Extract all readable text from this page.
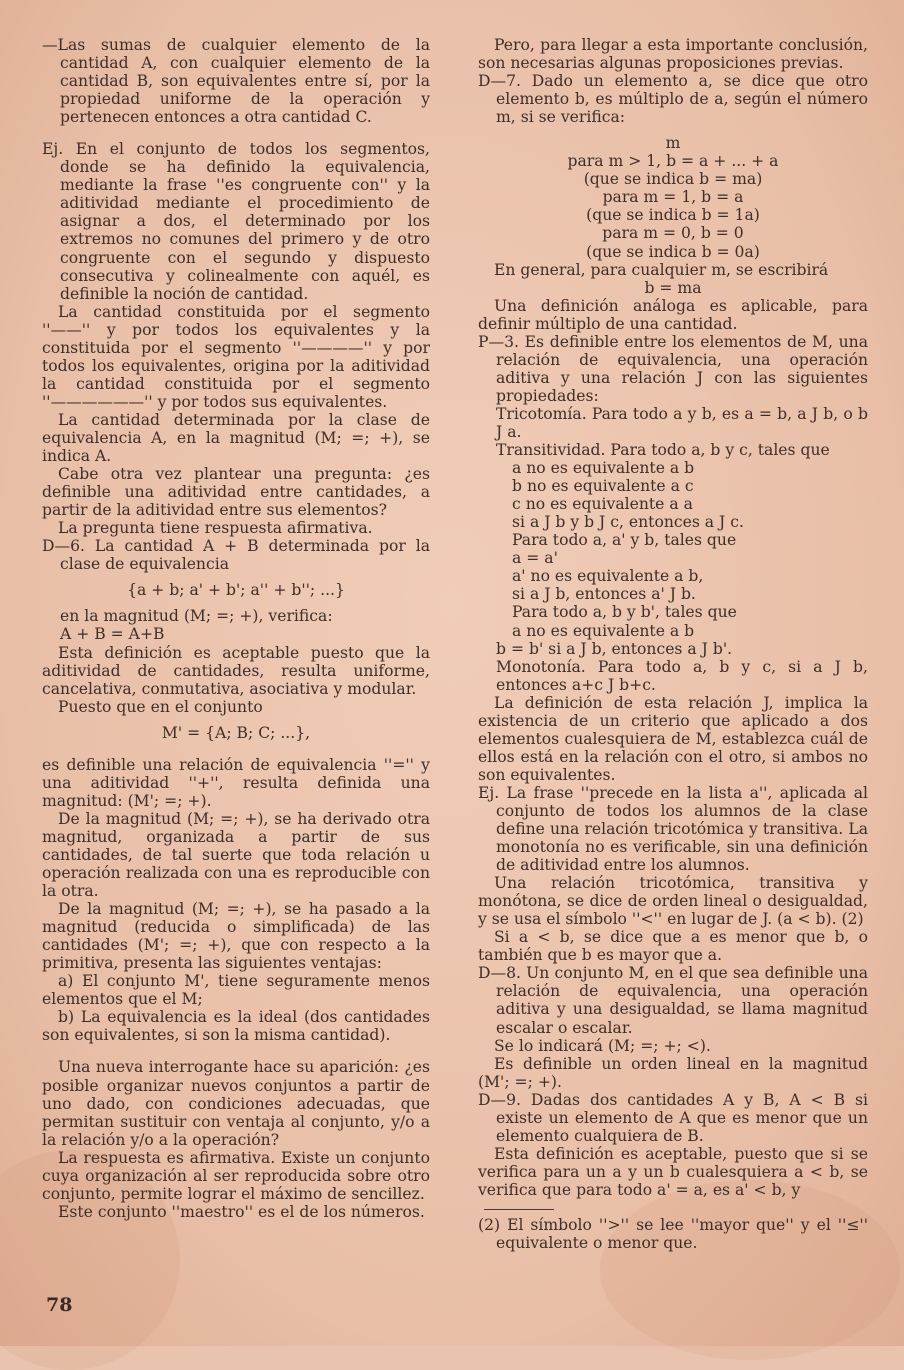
—Las sumas de cualquier elemento de la cantidad A, con cualquier elemento de la cantidad B, son equivalentes entre sí, por la propiedad uniforme de la operación y pertenecen entonces a otra cantidad C.

Ej. En el conjunto de todos los segmentos, donde se ha definido la equivalencia, mediante la frase ''es congruente con'' y la aditividad mediante el procedimiento de asignar a dos, el determinado por los extremos no comunes del primero y de otro congruente con el segundo y dispuesto consecutiva y colinealmente con aquél, es definible la noción de cantidad.

La cantidad constituida por el segmento ''——'' y por todos los equivalentes y la constituida por el segmento ''————'' y por todos los equivalentes, origina por la aditividad la cantidad constituida por el segmento ''——————'' y por todos sus equivalentes.

La cantidad determinada por la clase de equivalencia A, en la magnitud (M; =; +), se indica A.

Cabe otra vez plantear una pregunta: ¿es definible una aditividad entre cantidades, a partir de la aditividad entre sus elementos?

La pregunta tiene respuesta afirmativa.

D—6. La cantidad A + B determinada por la clase de equivalencia

{a + b; a' + b'; a'' + b''; ...}

en la magnitud (M; =; +), verifica:

A + B = A+B

Esta definición es aceptable puesto que la aditividad de cantidades, resulta uniforme, cancelativa, conmutativa, asociativa y modular.

Puesto que en el conjunto

M' = {A; B; C; ...},

es definible una relación de equivalencia ''='' y una aditividad ''+'', resulta definida una magnitud: (M'; =; +).

De la magnitud (M; =; +), se ha derivado otra magnitud, organizada a partir de sus cantidades, de tal suerte que toda relación u operación realizada con una es reproducible con la otra.

De la magnitud (M; =; +), se ha pasado a la magnitud (reducida o simplificada) de las cantidades (M'; =; +), que con respecto a la primitiva, presenta las siguientes ventajas:

a) El conjunto M', tiene seguramente menos elementos que el M;

b) La equivalencia es la ideal (dos cantidades son equivalentes, si son la misma cantidad).

Una nueva interrogante hace su aparición: ¿es posible organizar nuevos conjuntos a partir de uno dado, con condiciones adecuadas, que permitan sustituir con ventaja al conjunto, y/o a la relación y/o a la operación?

La respuesta es afirmativa. Existe un conjunto cuya organización al ser reproducida sobre otro conjunto, permite lograr el máximo de sencillez.

Este conjunto ''maestro'' es el de los números.

Pero, para llegar a esta importante conclusión, son necesarias algunas proposiciones previas.

D—7. Dado un elemento a, se dice que otro elemento b, es múltiplo de a, según el número m, si se verifica:

m

para m > 1, b = a + ... + a

(que se indica b = ma)

para m = 1, b = a

(que se indica b = 1a)

para m = 0, b = 0

(que se indica b = 0a)

En general, para cualquier m, se escribirá

b = ma

Una definición análoga es aplicable, para definir múltiplo de una cantidad.

P—3. Es definible entre los elementos de M, una relación de equivalencia, una operación aditiva y una relación J con las siguientes propiedades:

Tricotomía. Para todo a y b, es a = b, a J b, o b J a.

Transitividad. Para todo a, b y c, tales que

a no es equivalente a b

b no es equivalente a c

c no es equivalente a a

si a J b y b J c, entonces a J c.

Para todo a, a' y b, tales que

a = a'

a' no es equivalente a b,

si a J b, entonces a' J b.

Para todo a, b y b', tales que

a no es equivalente a b

b = b' si a J b, entonces a J b'.

Monotonía. Para todo a, b y c, si a J b, entonces a+c J b+c.

La definición de esta relación J, implica la existencia de un criterio que aplicado a dos elementos cualesquiera de M, establezca cuál de ellos está en la relación con el otro, si ambos no son equivalentes.

Ej. La frase ''precede en la lista a'', aplicada al conjunto de todos los alumnos de la clase define una relación tricotómica y transitiva. La monotonía no es verificable, sin una definición de aditividad entre los alumnos.

Una relación tricotómica, transitiva y monótona, se dice de orden lineal o desigualdad, y se usa el símbolo ''<'' en lugar de J. (a < b). (2)

Si a < b, se dice que a es menor que b, o también que b es mayor que a.

D—8. Un conjunto M, en el que sea definible una relación de equivalencia, una operación aditiva y una desigualdad, se llama magnitud escalar o escalar.

Se lo indicará (M; =; +; <).

Es definible un orden lineal en la magnitud (M'; =; +).

D—9. Dadas dos cantidades A y B, A < B si existe un elemento de A que es menor que un elemento cualquiera de B.

Esta definición es aceptable, puesto que si se verifica para un a y un b cualesquiera a < b, se verifica que para todo a' = a, es a' < b, y

(2) El símbolo ''>'' se lee ''mayor que'' y el ''≤'' equivalente o menor que.

78
